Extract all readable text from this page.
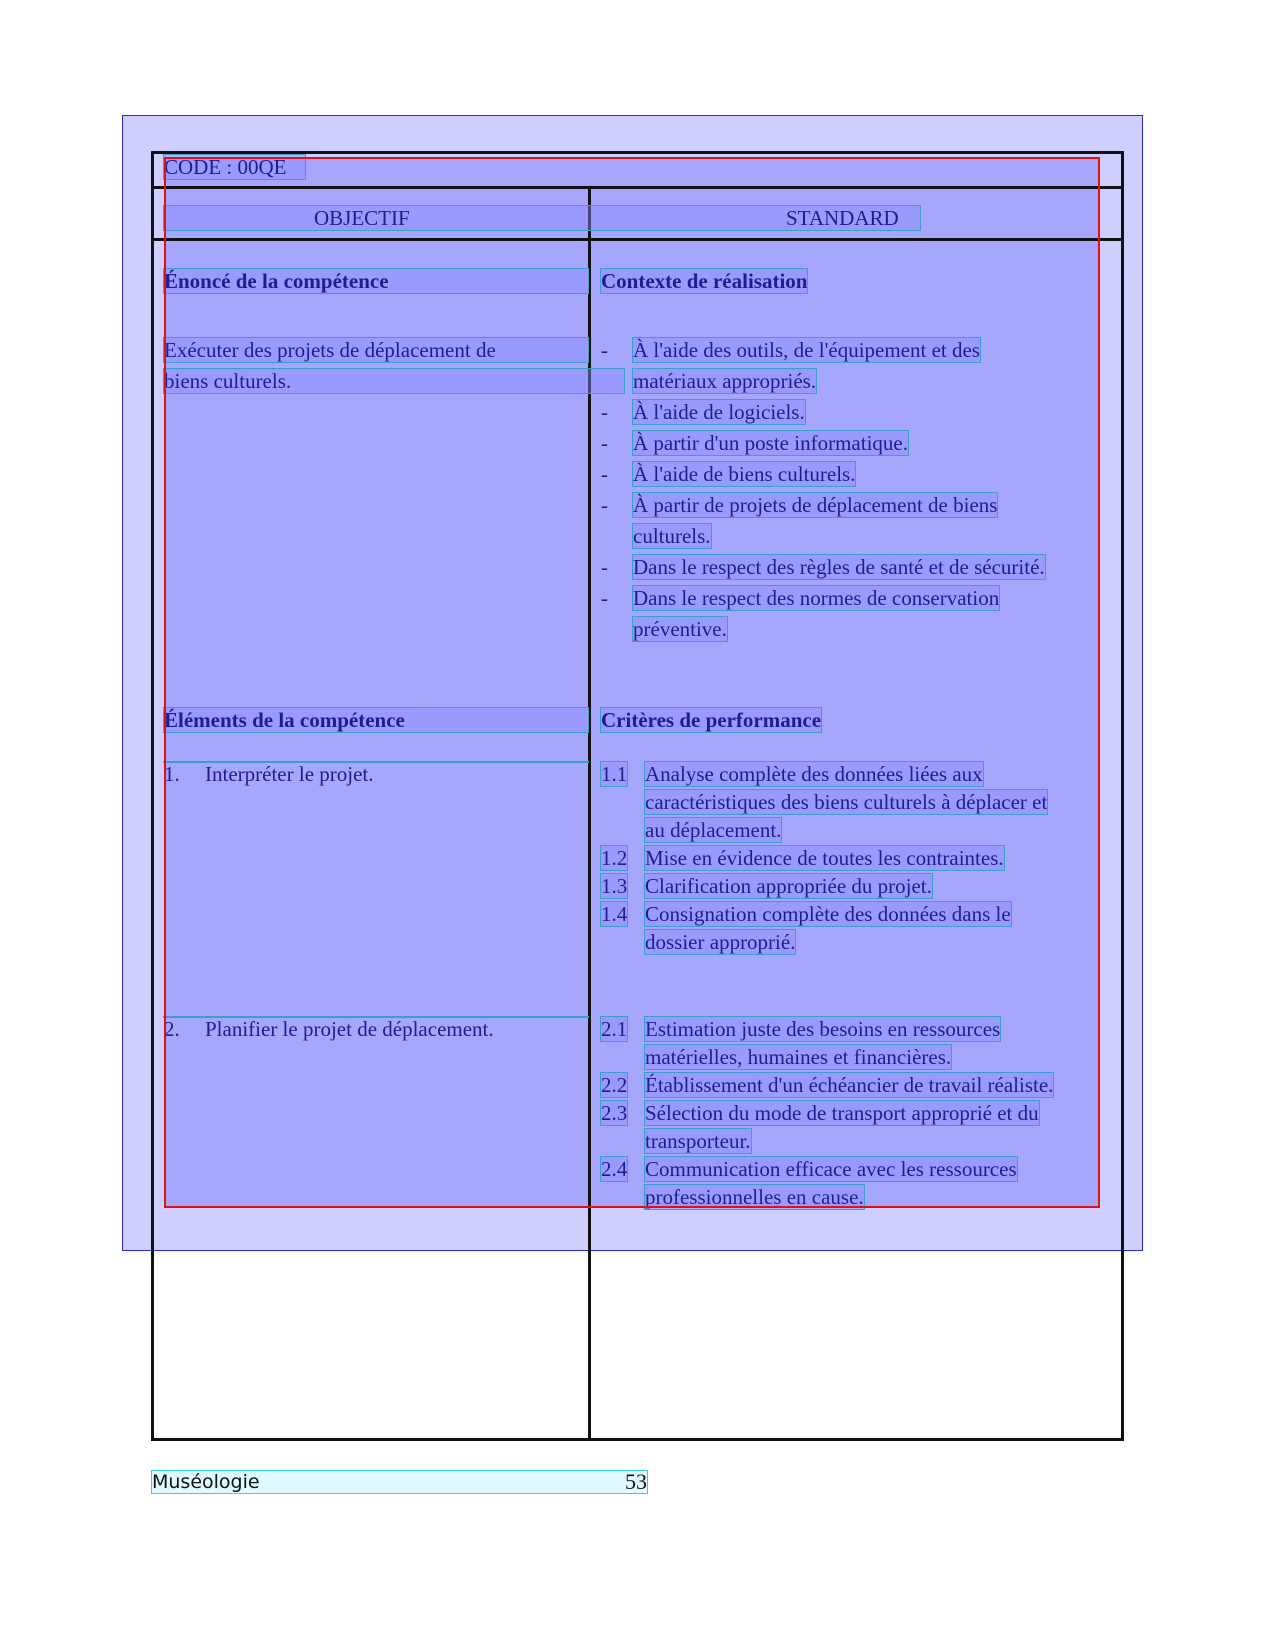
CODE : 00QE
OBJECTIF	STANDARD
Énoncé de la compétence
Exécuter des projets de déplacement de
biens culturels.
Contexte de réalisation
- À l'aide des outils, de l'équipement et des
matériaux appropriés.
- À l'aide de logiciels.
- À partir d'un poste informatique.
- À l'aide de biens culturels.
- À partir de projets de déplacement de biens
culturels.
- Dans le respect des règles de santé et de sécurité.
- Dans le respect des normes de conservation
préventive.
Éléments de la compétence
1. Interpréter le projet.
2. Planifier le projet de déplacement.
Critères de performance
1.1 Analyse complète des données liées aux
caractéristiques des biens culturels à déplacer et
au déplacement.
1.2 Mise en évidence de toutes les contraintes.
1.3 Clarification appropriée du projet.
1.4 Consignation complète des données dans le
dossier approprié.
2.1 Estimation juste des besoins en ressources
matérielles, humaines et financières.
2.2 Établissement d'un échéancier de travail réaliste.
2.3 Sélection du mode de transport approprié et du
transporteur.
2.4 Communication efficace avec les ressources
professionnelles en cause.
Muséologie	53
